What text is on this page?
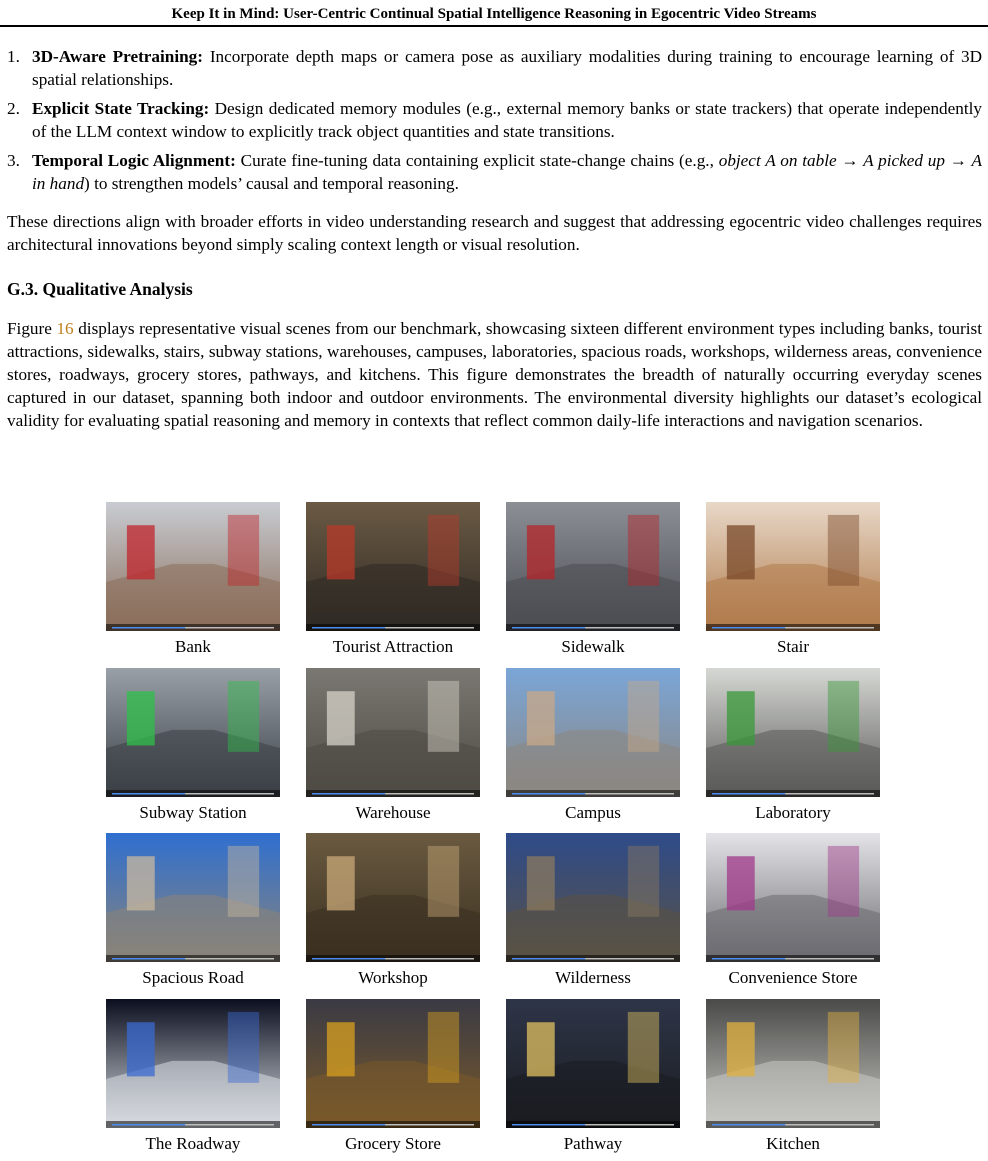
Keep It in Mind: User-Centric Continual Spatial Intelligence Reasoning in Egocentric Video Streams
1. 3D-Aware Pretraining: Incorporate depth maps or camera pose as auxiliary modalities during training to encourage learning of 3D spatial relationships.
2. Explicit State Tracking: Design dedicated memory modules (e.g., external memory banks or state trackers) that operate independently of the LLM context window to explicitly track object quantities and state transitions.
3. Temporal Logic Alignment: Curate fine-tuning data containing explicit state-change chains (e.g., object A on table → A picked up → A in hand) to strengthen models’ causal and temporal reasoning.

These directions align with broader efforts in video understanding research and suggest that addressing egocentric video challenges requires architectural innovations beyond simply scaling context length or visual resolution.

G.3. Qualitative Analysis

Figure 16 displays representative visual scenes from our benchmark, showcasing sixteen different environment types including banks, tourist attractions, sidewalks, stairs, subway stations, warehouses, campuses, laboratories, spacious roads, workshops, wilderness areas, convenience stores, roadways, grocery stores, pathways, and kitchens. This figure demonstrates the breadth of naturally occurring everyday scenes captured in our dataset, spanning both indoor and outdoor environments. The environmental diversity highlights our dataset’s ecological validity for evaluating spatial reasoning and memory in contexts that reflect common daily-life interactions and navigation scenarios.

Bank	Tourist Attraction	Sidewalk	Stair
Subway Station	Warehouse	Campus	Laboratory
Spacious Road	Workshop	Wilderness	Convenience Store
The Roadway	Grocery Store	Pathway	Kitchen
